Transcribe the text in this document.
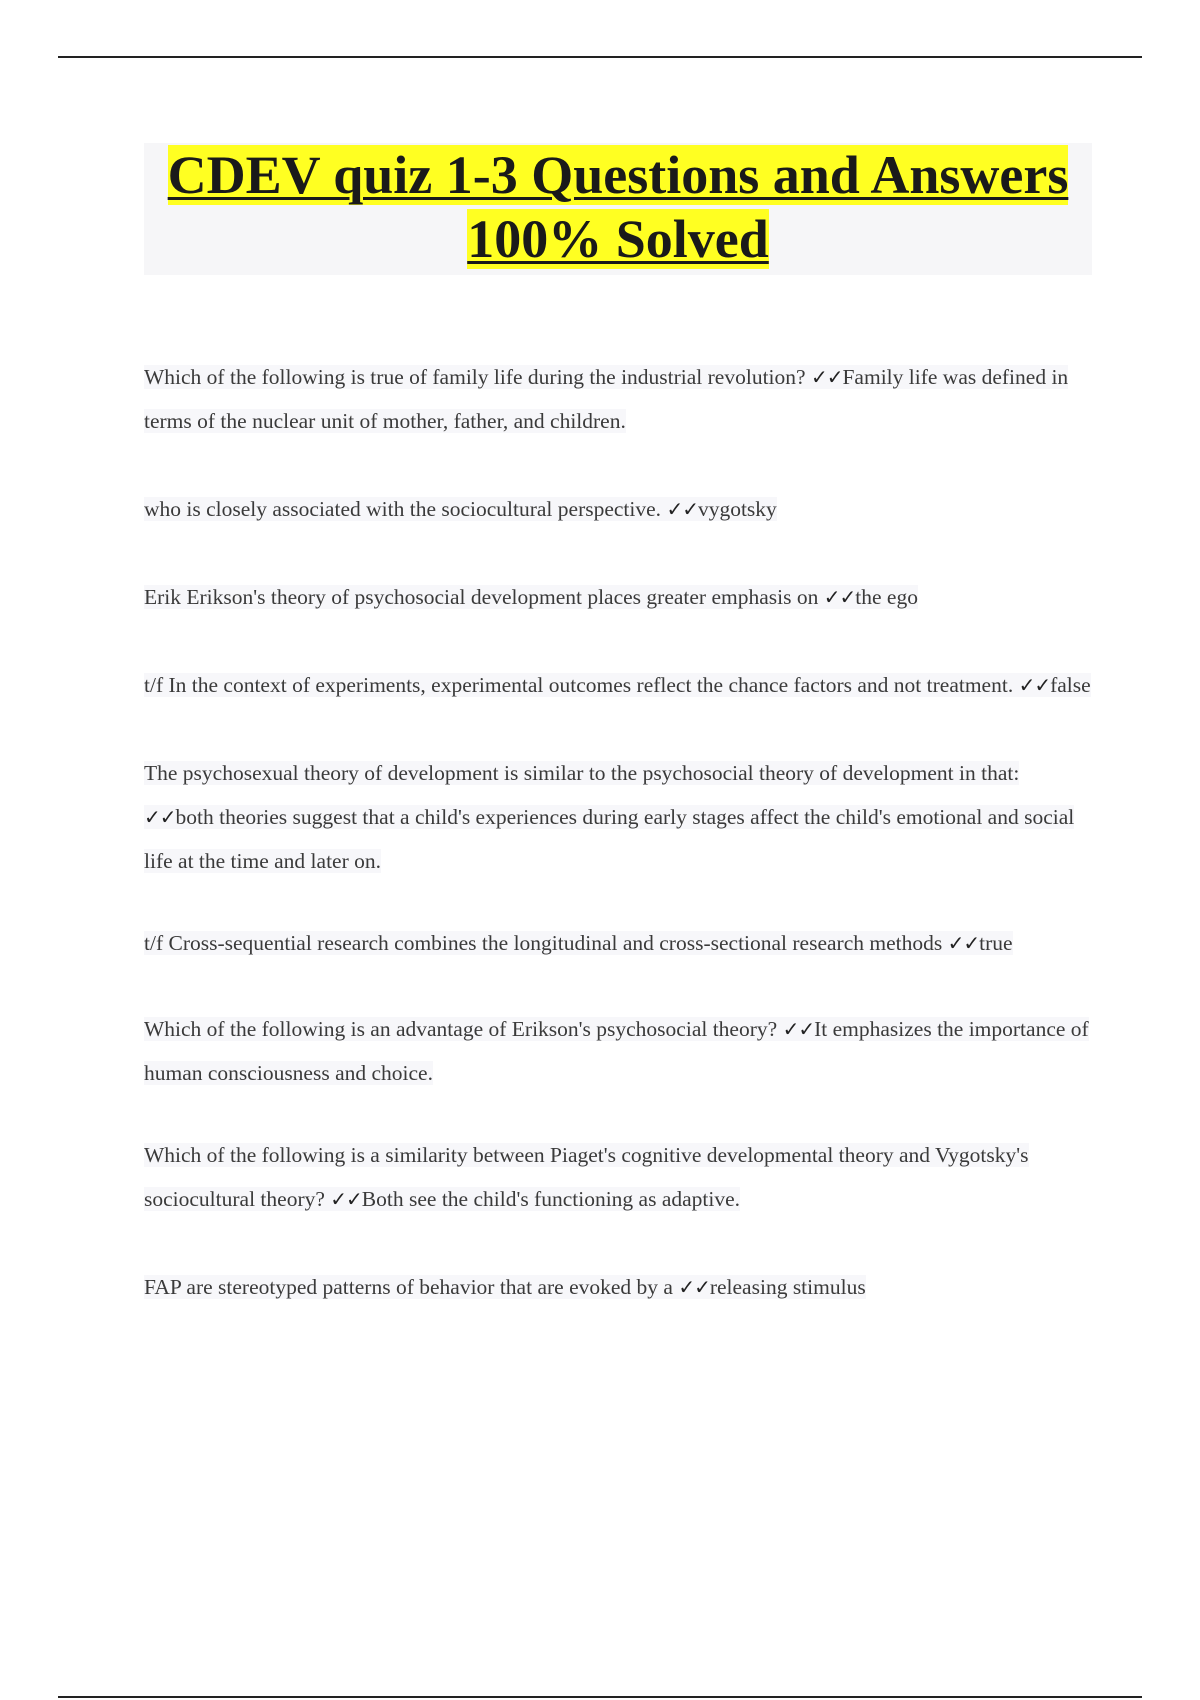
CDEV quiz 1-3 Questions and Answers 100% Solved

Which of the following is true of family life during the industrial revolution? ✓✓Family life was defined in terms of the nuclear unit of mother, father, and children.

who is closely associated with the sociocultural perspective. ✓✓vygotsky

Erik Erikson's theory of psychosocial development places greater emphasis on ✓✓the ego

t/f In the context of experiments, experimental outcomes reflect the chance factors and not treatment. ✓✓false

The psychosexual theory of development is similar to the psychosocial theory of development in that: ✓✓both theories suggest that a child's experiences during early stages affect the child's emotional and social life at the time and later on.

t/f Cross-sequential research combines the longitudinal and cross-sectional research methods ✓✓true

Which of the following is an advantage of Erikson's psychosocial theory? ✓✓It emphasizes the importance of human consciousness and choice.

Which of the following is a similarity between Piaget's cognitive developmental theory and Vygotsky's sociocultural theory? ✓✓Both see the child's functioning as adaptive.

FAP are stereotyped patterns of behavior that are evoked by a ✓✓releasing stimulus
